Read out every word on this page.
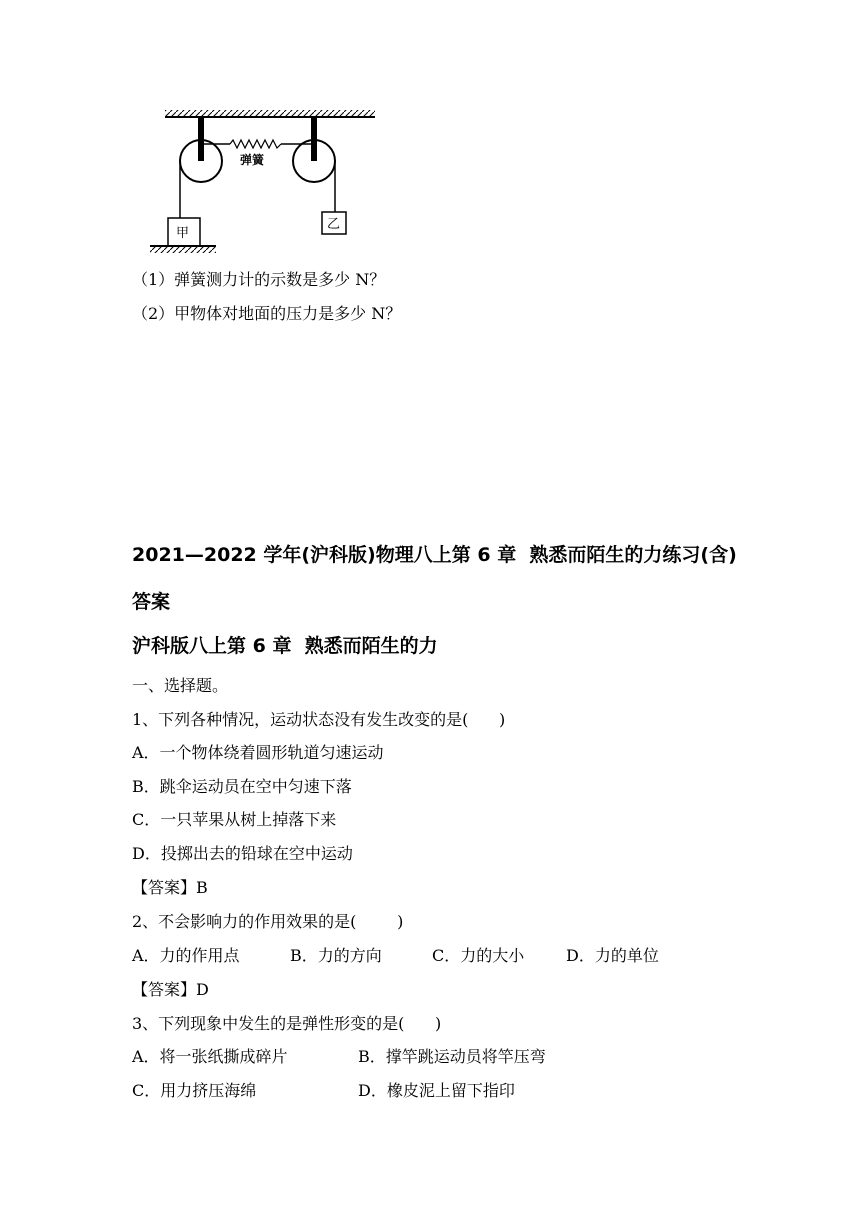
弹簧
甲
乙
（1）弹簧测力计的示数是多少 N？
（2）甲物体对地面的压力是多少 N？
2021—2022 学年(沪科版)物理八上第 6 章  熟悉而陌生的力练习(含)
答案
沪科版八上第 6 章  熟悉而陌生的力
一、选择题。
1、下列各种情况，运动状态没有发生改变的是(      )
A．一个物体绕着圆形轨道匀速运动
B．跳伞运动员在空中匀速下落
C．一只苹果从树上掉落下来
D．投掷出去的铅球在空中运动
【答案】B
2、不会影响力的作用效果的是(        )
A．力的作用点	B．力的方向	C．力的大小	D．力的单位
【答案】D
3、下列现象中发生的是弹性形变的是(      )
A．将一张纸撕成碎片	B．撑竿跳运动员将竿压弯
C．用力挤压海绵	D．橡皮泥上留下指印
